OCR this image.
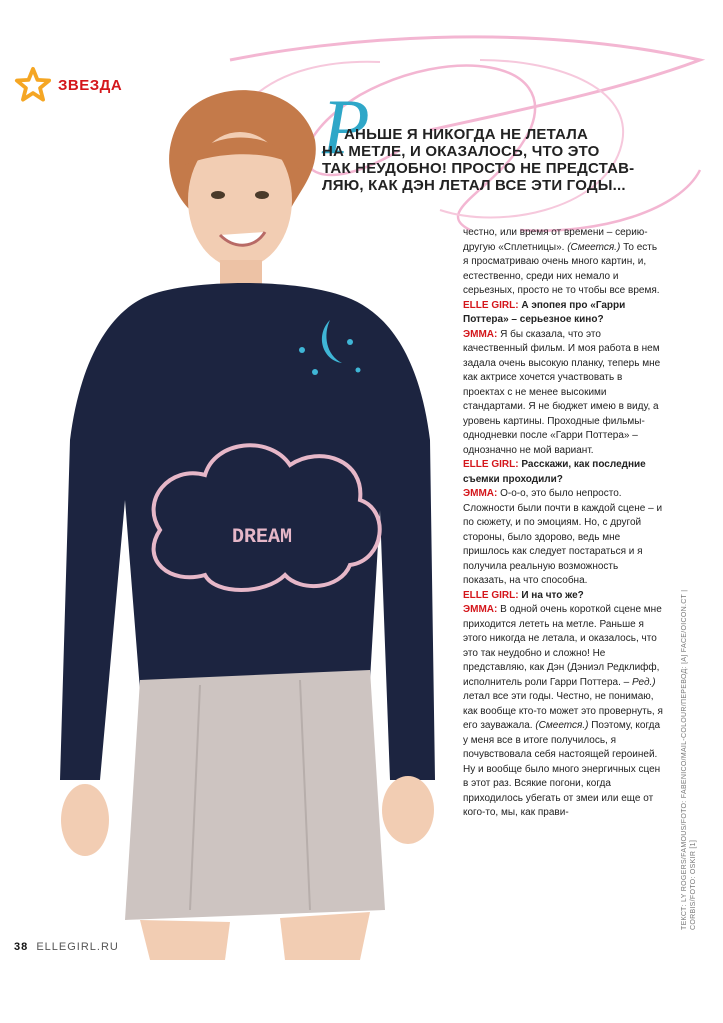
ЗВЕЗДА
DREAM
Р

АНЬШЕ Я НИКОГДА НЕ ЛЕТАЛА
НА МЕТЛЕ, И ОКАЗАЛОСЬ, ЧТО ЭТО
ТАК НЕУДОБНО! ПРОСТО НЕ ПРЕДСТАВ-
ЛЯЮ, КАК ДЭН ЛЕТАЛ ВСЕ ЭТИ ГОДЫ...

честно, или время от времени – серию-другую «Сплетницы». (Смеется.) То есть я просматриваю очень много картин, и, естественно, среди них немало и серьезных, просто не то чтобы все время.

ELLE GIRL: А эпопея про «Гарри Поттера» – серьезное кино?

ЭММА: Я бы сказала, что это качественный фильм. И моя работа в нем задала очень высокую планку, теперь мне как актрисе хочется участвовать в проектах с не менее высокими стандартами. Я не бюджет имею в виду, а уровень картины. Проходные фильмы-однодневки после «Гарри Поттера» – однозначно не мой вариант.

ELLE GIRL: Расскажи, как последние съемки проходили?

ЭММА: О-о-о, это было непросто. Сложности были почти в каждой сцене – и по сюжету, и по эмоциям. Но, с другой стороны, было здорово, ведь мне пришлось как следует постараться и я получила реальную возможность показать, на что способна.

ELLE GIRL: И на что же?

ЭММА: В одной очень короткой сцене мне приходится лететь на метле. Раньше я этого никогда не летала, и оказалось, что это так неудобно и сложно! Не представляю, как Дэн (Дэниэл Редклифф, исполнитель роли Гарри Поттера. – Ред.) летал все эти годы. Честно, не понимаю, как вообще кто-то может это провернуть, я его зауважала. (Смеется.) Поэтому, когда у меня все в итоге получилось, я почувствовала себя настоящей героиней. Ну и вообще было много энергичных сцен в этот раз. Всякие погони, когда приходилось убегать от змеи или еще от кого-то, мы, как прави-	ТЕКСТ: LY ROGERS/FAMOUS/FOTO: FABENICO/MAIL-COLOUR/ПЕРЕВОД: [A] FACE/OICON.CT | CORBIS/FOTO: OSKIR [1]
38 ELLEGIRL.RU
